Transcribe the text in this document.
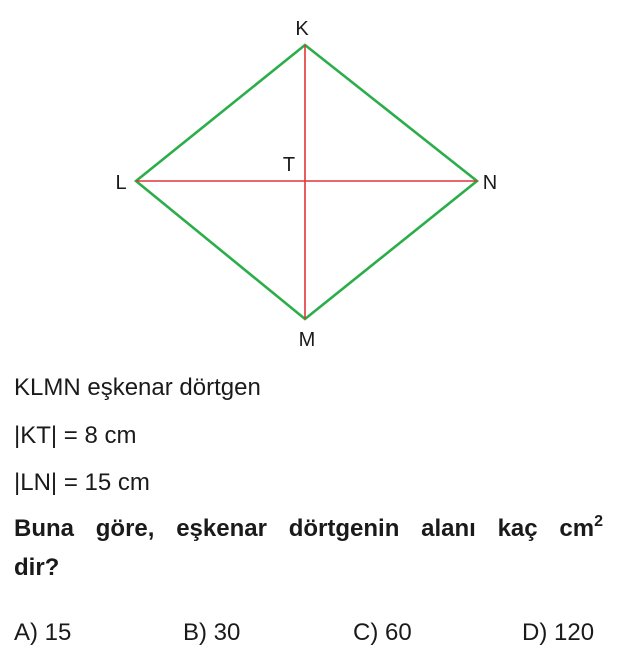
K
L	N
M
T
KLMN eşkenar dörtgen
|KT| = 8 cm
|LN| = 15 cm
Buna göre, eşkenar dörtgenin alanı kaç $cm^2$
dir?
A) 15	B) 30	C) 60	D) 120
